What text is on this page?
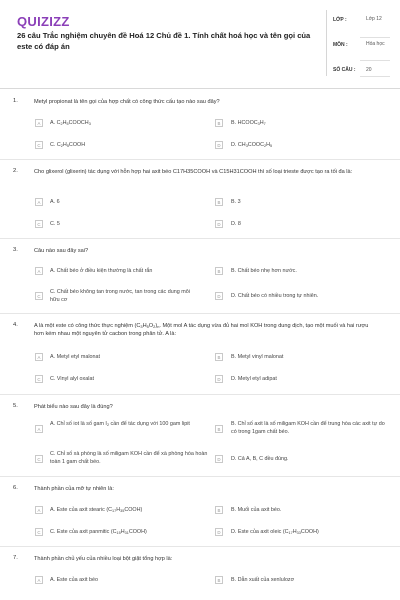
QUIZIZZ
26 câu Trắc nghiệm chuyên đề Hoá 12 Chủ đề 1. Tính chất hoá học và tên gọi của este có đáp án
LỚP :	Lớp 12
MÔN :	Hóa học
SỐ CÂU : 20
1.	Metyl propionat là tên gọi của hợp chất có công thức cấu tạo nào sau đây?
A	A. $C_2H_5COOCH_3$	B	B. $HCOOC_3H_7$
C	C. $C_2H_5COOH$	D	D. $CH_3COOC_2H_5$
2.	Cho glixerol (glixerin) tác dụng với hỗn hợp hai axit béo C17H35COOH và C15H31COOH thì số loại trieste được tạo ra tối đa là:
A	A. 6	B	B. 3
C	C. 5	D	D. 8
3.	Câu nào sau đây sai?
A	A. Chất béo ở điều kiện thường là chất rắn	B	B. Chất béo nhẹ hơn nước.
C
C. Chất béo không tan trong nước, tan trong các dung môi hữu cơ	D	D. Chất béo có nhiều trong tự nhiên.
4.	A là một este có công thức thực nghiệm $(C_3H_5O_2)_n$. Một mol A tác dụng vừa đủ hai mol KOH trong dung dịch, tạo một muối và hai rượu hơn kém nhau một nguyên tử cacbon trong phân tử. A là:
A	A. Metyl etyl malonat	B	B. Metyl vinyl malonat
C	C. Vinyl alyl oxalat	D	D. Metyl etyl adipat
5.	Phát biểu nào sau đây là đúng?
A
A. Chỉ số iot là số gam $I_2$ cần để tác dụng với 100 gam lipit
B
B. Chỉ số axit là số miligam KOH cần để trung hòa các axit tự do có trong 1gam chất béo.
C
C. Chỉ số xà phòng là số miligam KOH cần để xà phòng hóa hoàn toàn 1 gam chất béo.	D	D. Cả A, B, C đều đúng.
6.	Thành phần của mỡ tự nhiên là:
A	A. Este của axit stearic $(C_{17}H_{35}COOH)$	B	B. Muối của axit béo.
C	C. Este của axit panmitic $(C_{15}H_{31}COOH)$	D	D. Este của axit oleic $(C_{17}H_{33}COOH)$
7.	Thành phần chủ yếu của nhiều loại bột giặt tổng hợp là:
A	A. Este của axit béo	B	B. Dẫn xuất của xenlulozơ
